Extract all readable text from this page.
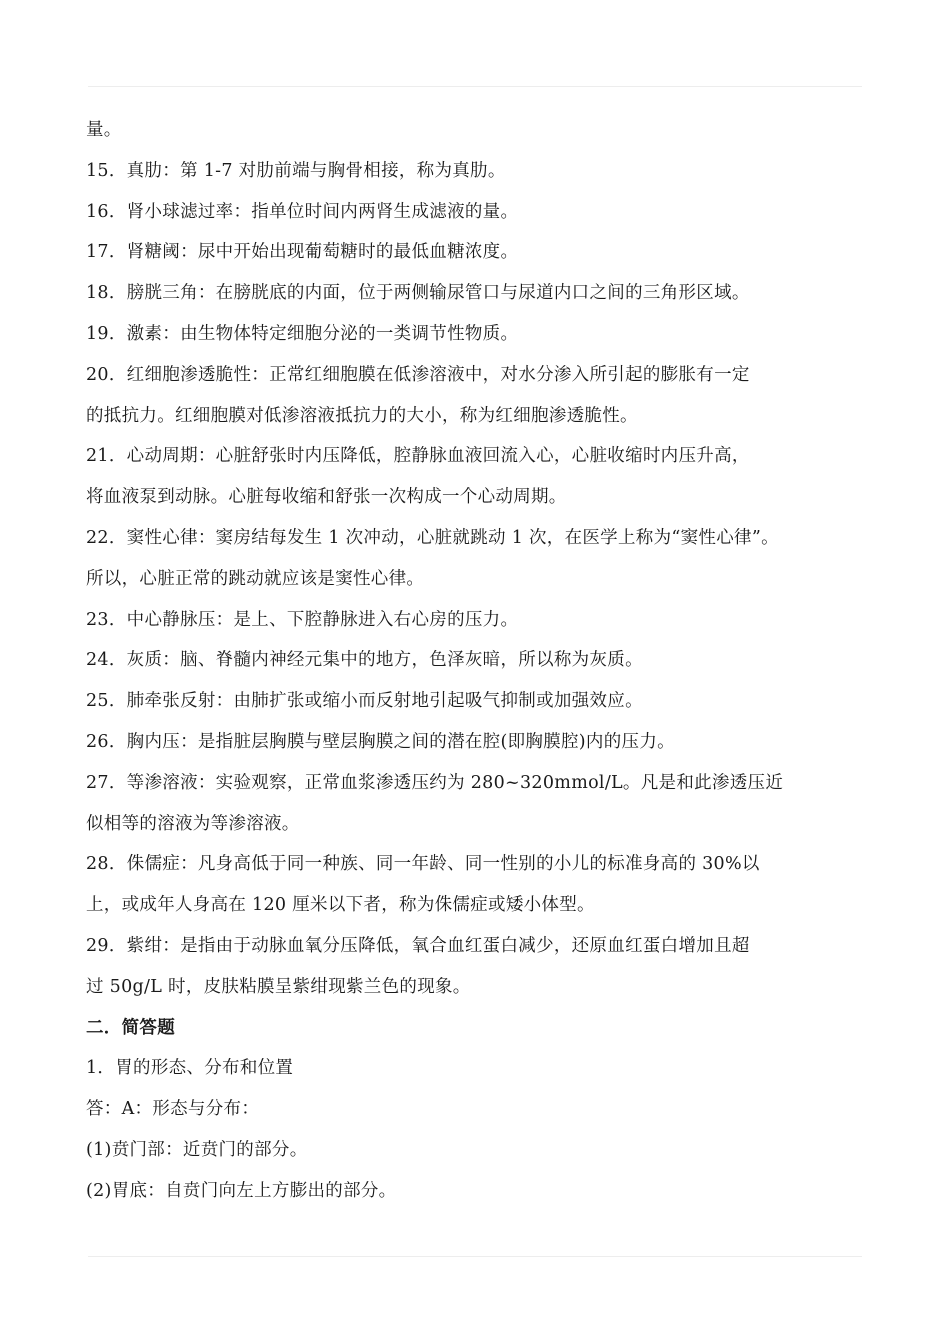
量。
15．真肋：第 1-7 对肋前端与胸骨相接，称为真肋。
16．肾小球滤过率：指单位时间内两肾生成滤液的量。
17．肾糖阈：尿中开始出现葡萄糖时的最低血糖浓度。
18．膀胱三角：在膀胱底的内面，位于两侧输尿管口与尿道内口之间的三角形区域。
19．激素：由生物体特定细胞分泌的一类调节性物质。
20．红细胞渗透脆性：正常红细胞膜在低渗溶液中，对水分渗入所引起的膨胀有一定
的抵抗力。红细胞膜对低渗溶液抵抗力的大小，称为红细胞渗透脆性。
21．心动周期：心脏舒张时内压降低，腔静脉血液回流入心，心脏收缩时内压升高，
将血液泵到动脉。心脏每收缩和舒张一次构成一个心动周期。
22．窦性心律：窦房结每发生 1 次冲动，心脏就跳动 1 次，在医学上称为“窦性心律”。
所以，心脏正常的跳动就应该是窦性心律。
23．中心静脉压：是上、下腔静脉进入右心房的压力。
24．灰质：脑、脊髓内神经元集中的地方，色泽灰暗，所以称为灰质。
25．肺牵张反射：由肺扩张或缩小而反射地引起吸气抑制或加强效应。
26．胸内压：是指脏层胸膜与壁层胸膜之间的潜在腔(即胸膜腔)内的压力。
27．等渗溶液：实验观察，正常血浆渗透压约为 280~320mmol/L。凡是和此渗透压近
似相等的溶液为等渗溶液。
28．侏儒症：凡身高低于同一种族、同一年龄、同一性别的小儿的标准身高的 30%以
上，或成年人身高在 120 厘米以下者，称为侏儒症或矮小体型。
29．紫绀：是指由于动脉血氧分压降低，氧合血红蛋白减少，还原血红蛋白增加且超
过 50g/L 时，皮肤粘膜呈紫绀现紫兰色的现象。
二．简答题
1．胃的形态、分布和位置
答：A：形态与分布：
(1)贲门部：近贲门的部分。
(2)胃底：自贲门向左上方膨出的部分。
